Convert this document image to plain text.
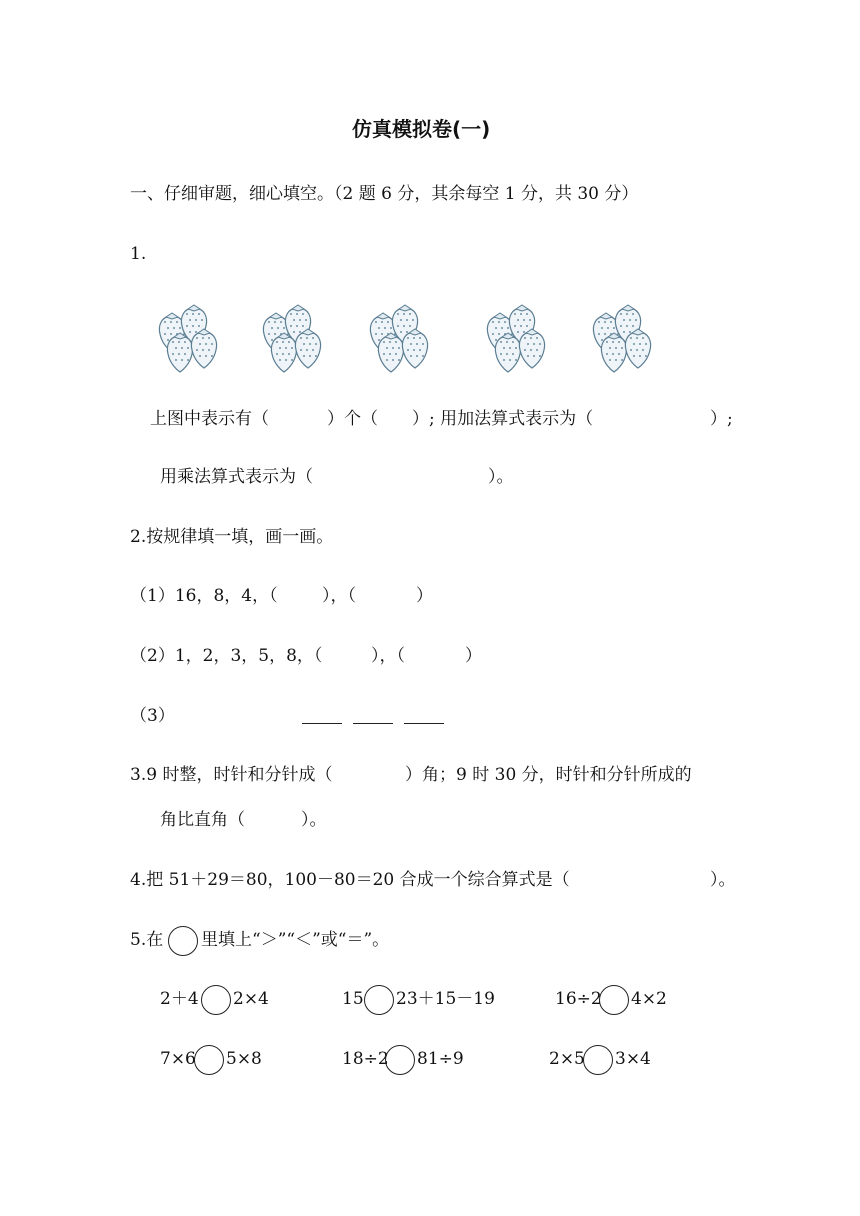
仿真模拟卷(一)
一、仔细审题，细心填空。（2 题 6 分，其余每空 1 分，共 30 分）
1.
上图中表示有（	）个（ ）; 用加法算式表示为（	）;
用乘法算式表示为（	）。
2.按规律填一填，画一画。
（1）16，8，4，（	），（	）
（2）1，2，3，5，8，（	），（	）
（3）
3.9 时整，时针和分针成（	）角；9 时 30 分，时针和分针所成的
角比直角（	）。
4.把 51＋29＝80，100－80＝20 合成一个综合算式是（	）。
5.在 里填上“＞”“＜”或“＝”。
2＋4 2×4	15 23＋15－19	16÷2 4×2
7×6 5×8	18÷2 81÷9	2×5 3×4
